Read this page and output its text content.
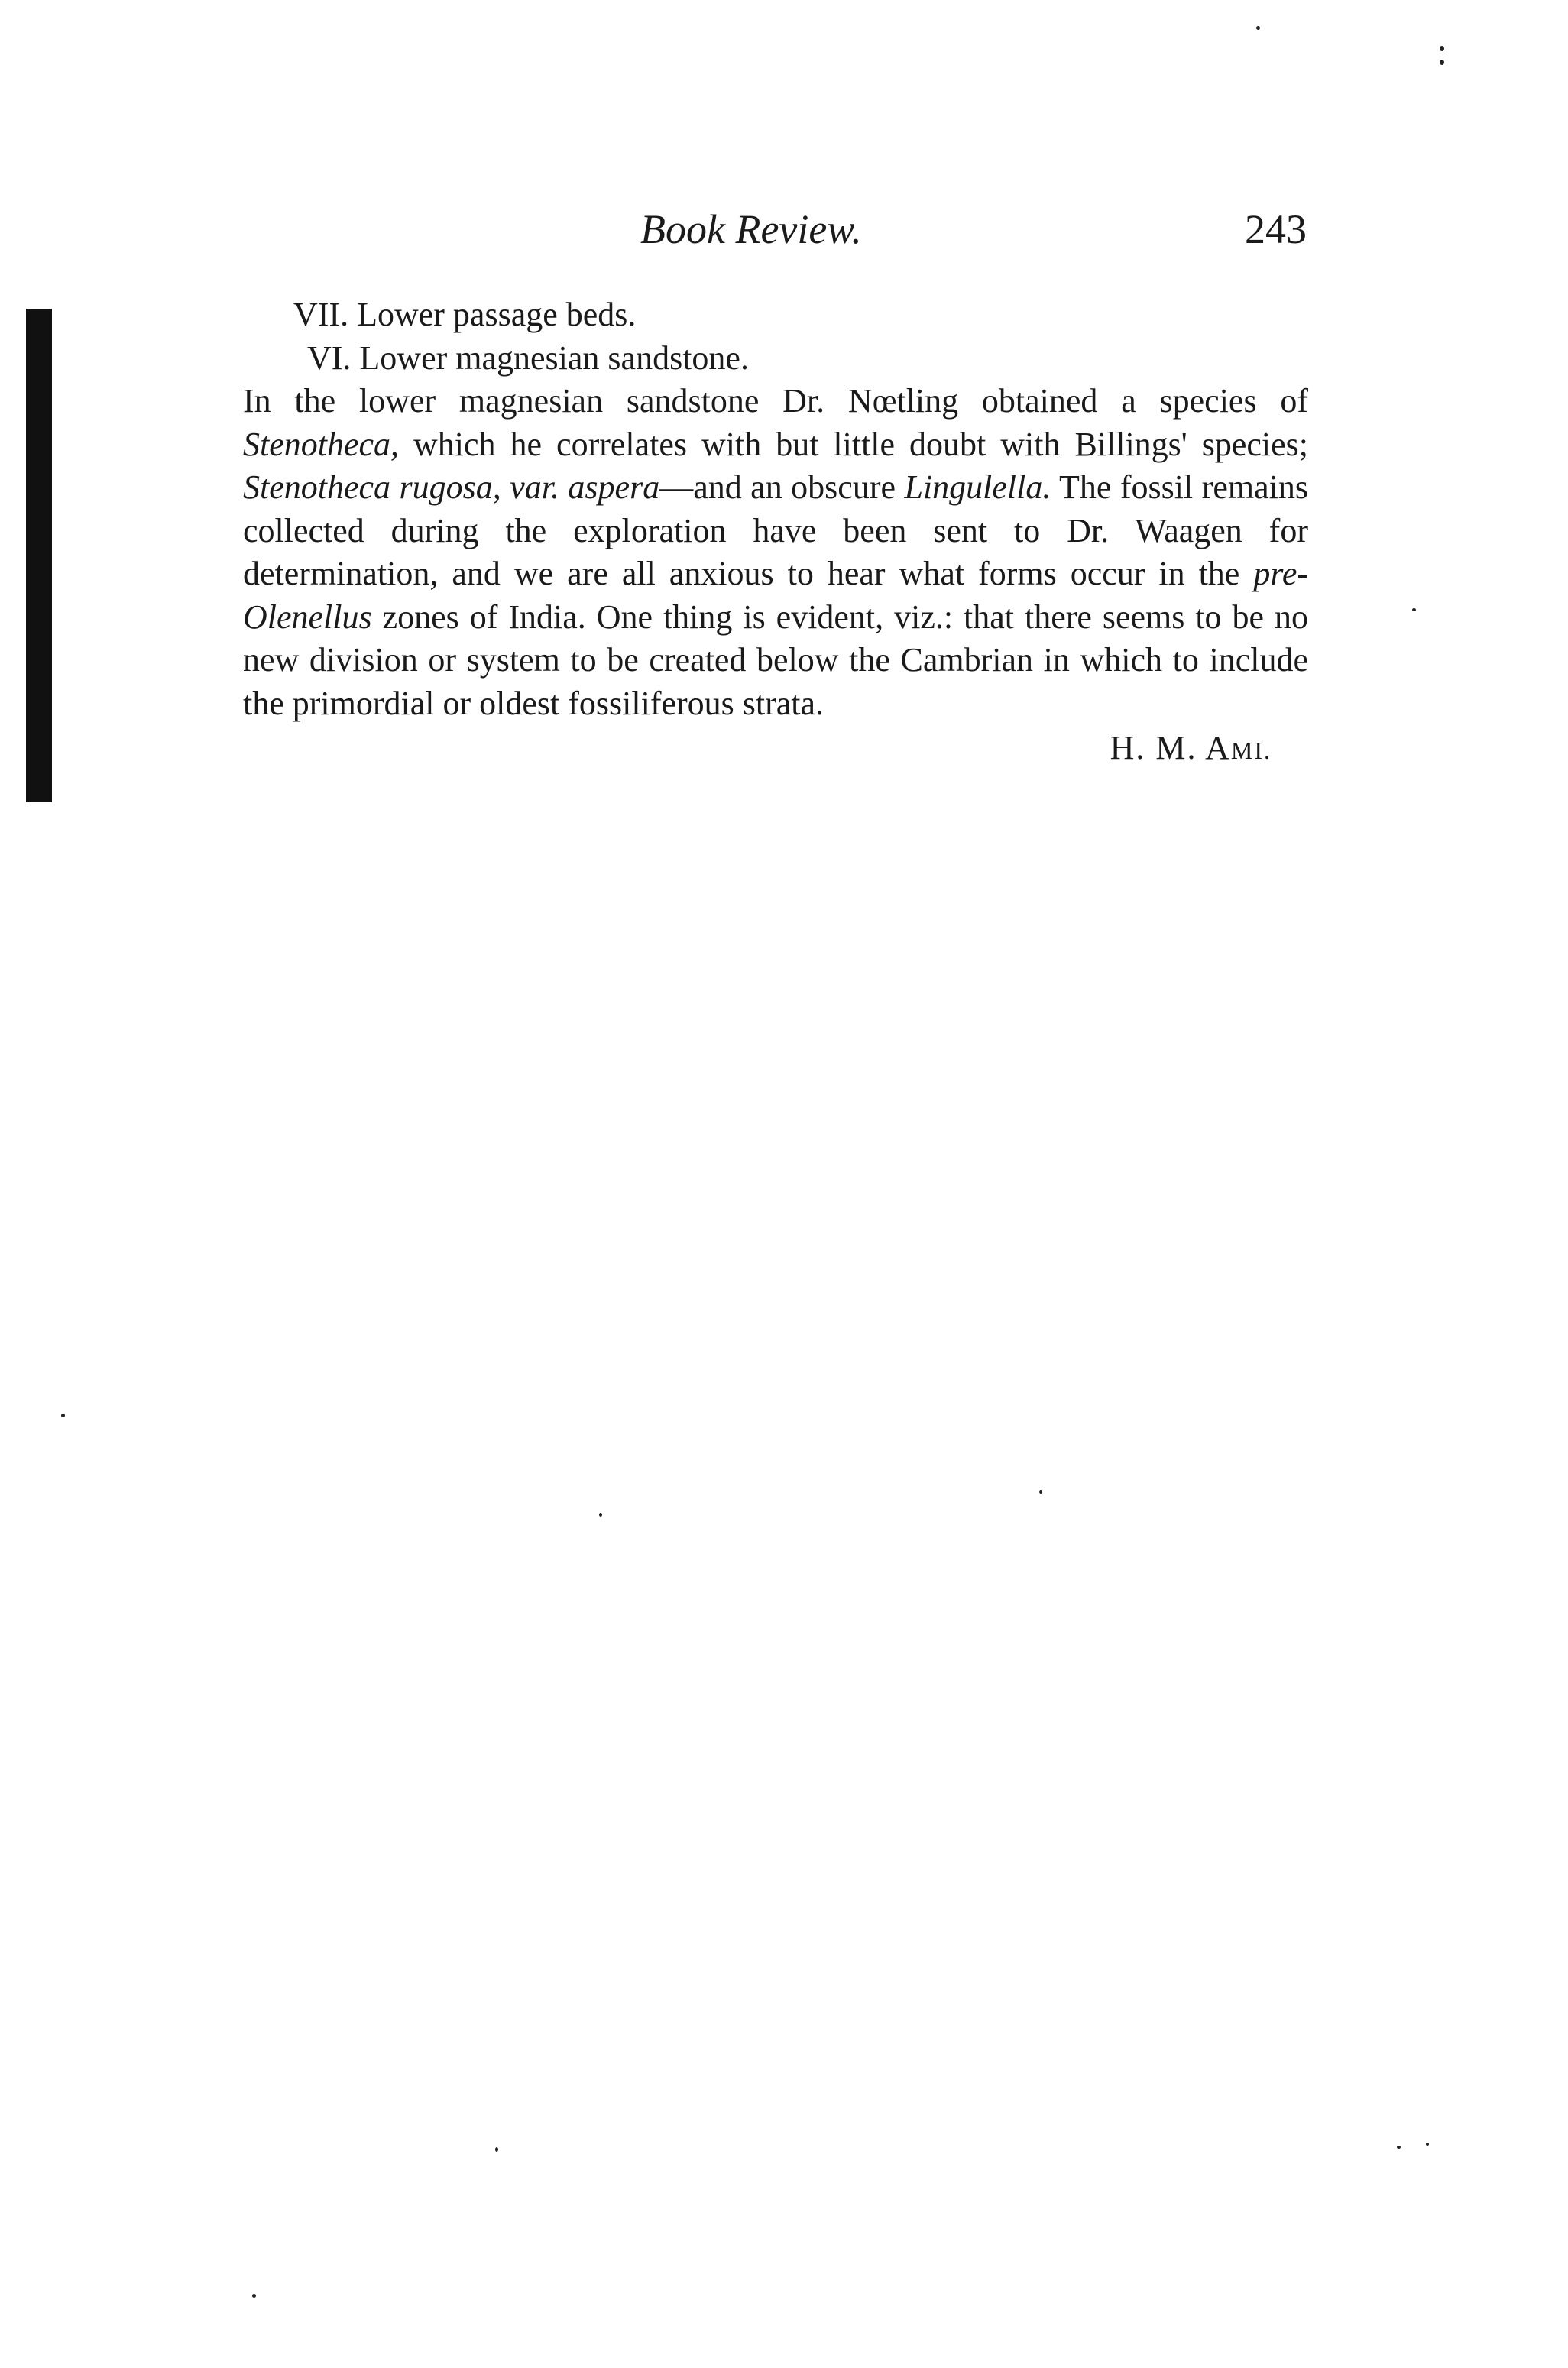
Book Review.	243
VII. Lower passage beds.
VI. Lower magnesian sandstone.

In the lower magnesian sandstone Dr. Nœtling obtained a species of Stenotheca, which he correlates with but little doubt with Billings' species; Stenotheca rugosa, var. aspera—and an obscure Lingulella. The fossil remains collected during the exploration have been sent to Dr. Waagen for determination, and we are all anxious to hear what forms occur in the pre-Olenellus zones of India. One thing is evident, viz.: that there seems to be no new division or system to be created below the Cambrian in which to include the primordial or oldest fossiliferous strata.

H. M. AMI.
